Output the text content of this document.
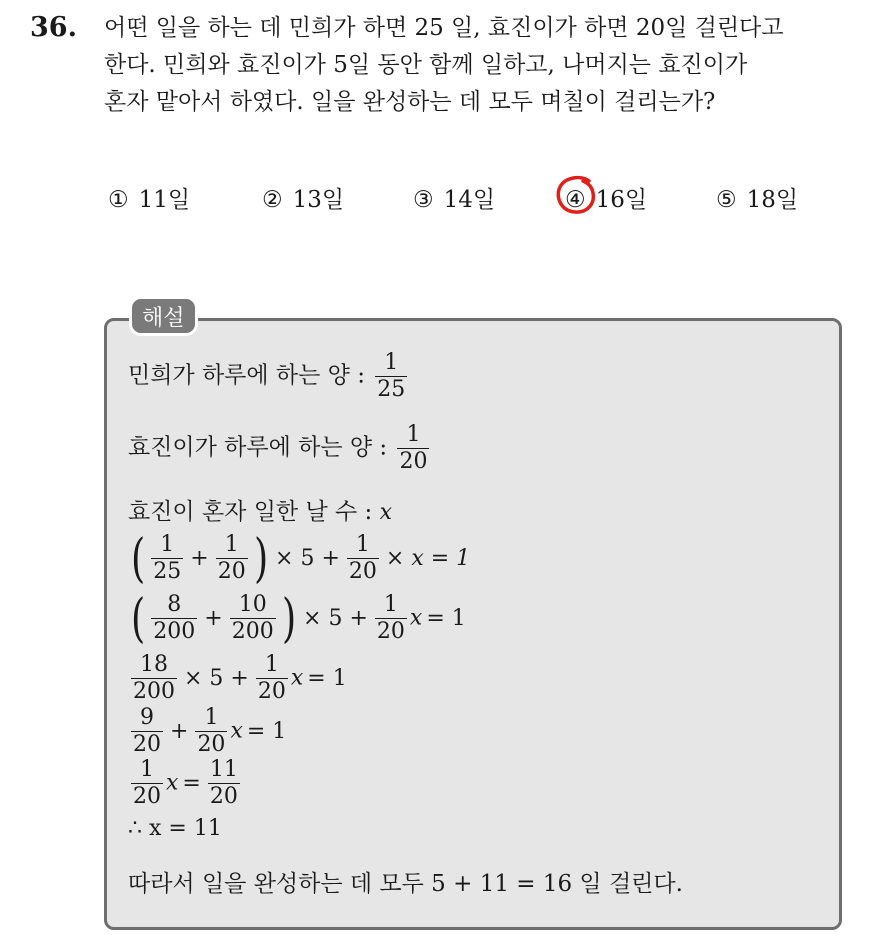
36. 어떤 일을 하는 데 민희가 하면 25 일, 효진이가 하면 20일 걸린다고
한다. 민희와 효진이가 5일 동안 함께 일하고, 나머지는 효진이가
혼자 맡아서 하였다. 일을 완성하는 데 모두 며칠이 걸리는가?
① 11일	② 13일	③ 14일	④ 16일	⑤ 18일
해설
민희가 하루에 하는 양 : $\frac{1}{25}$
효진이가 하루에 하는 양 : $\frac{1}{20}$
효진이 혼자 일한 날 수 : x
( $\frac{1}{25} + \frac{1}{20}$ ) × $5 + \frac{1}{20} \times x = 1$
( $\frac{8}{200} + \frac{10}{200}$ ) × $5 + \frac{1}{20}$ x = 1
$\frac{18}{200} \times 5 + \frac{1}{20}$ x = 1
$\frac{9}{20} + \frac{1}{20}$ x = 1
$\frac{1}{20}$ $x = \frac{11}{20}$
∴ x = 11
따라서 일을 완성하는 데 모두 5 + 11 = 16 일 걸린다.
